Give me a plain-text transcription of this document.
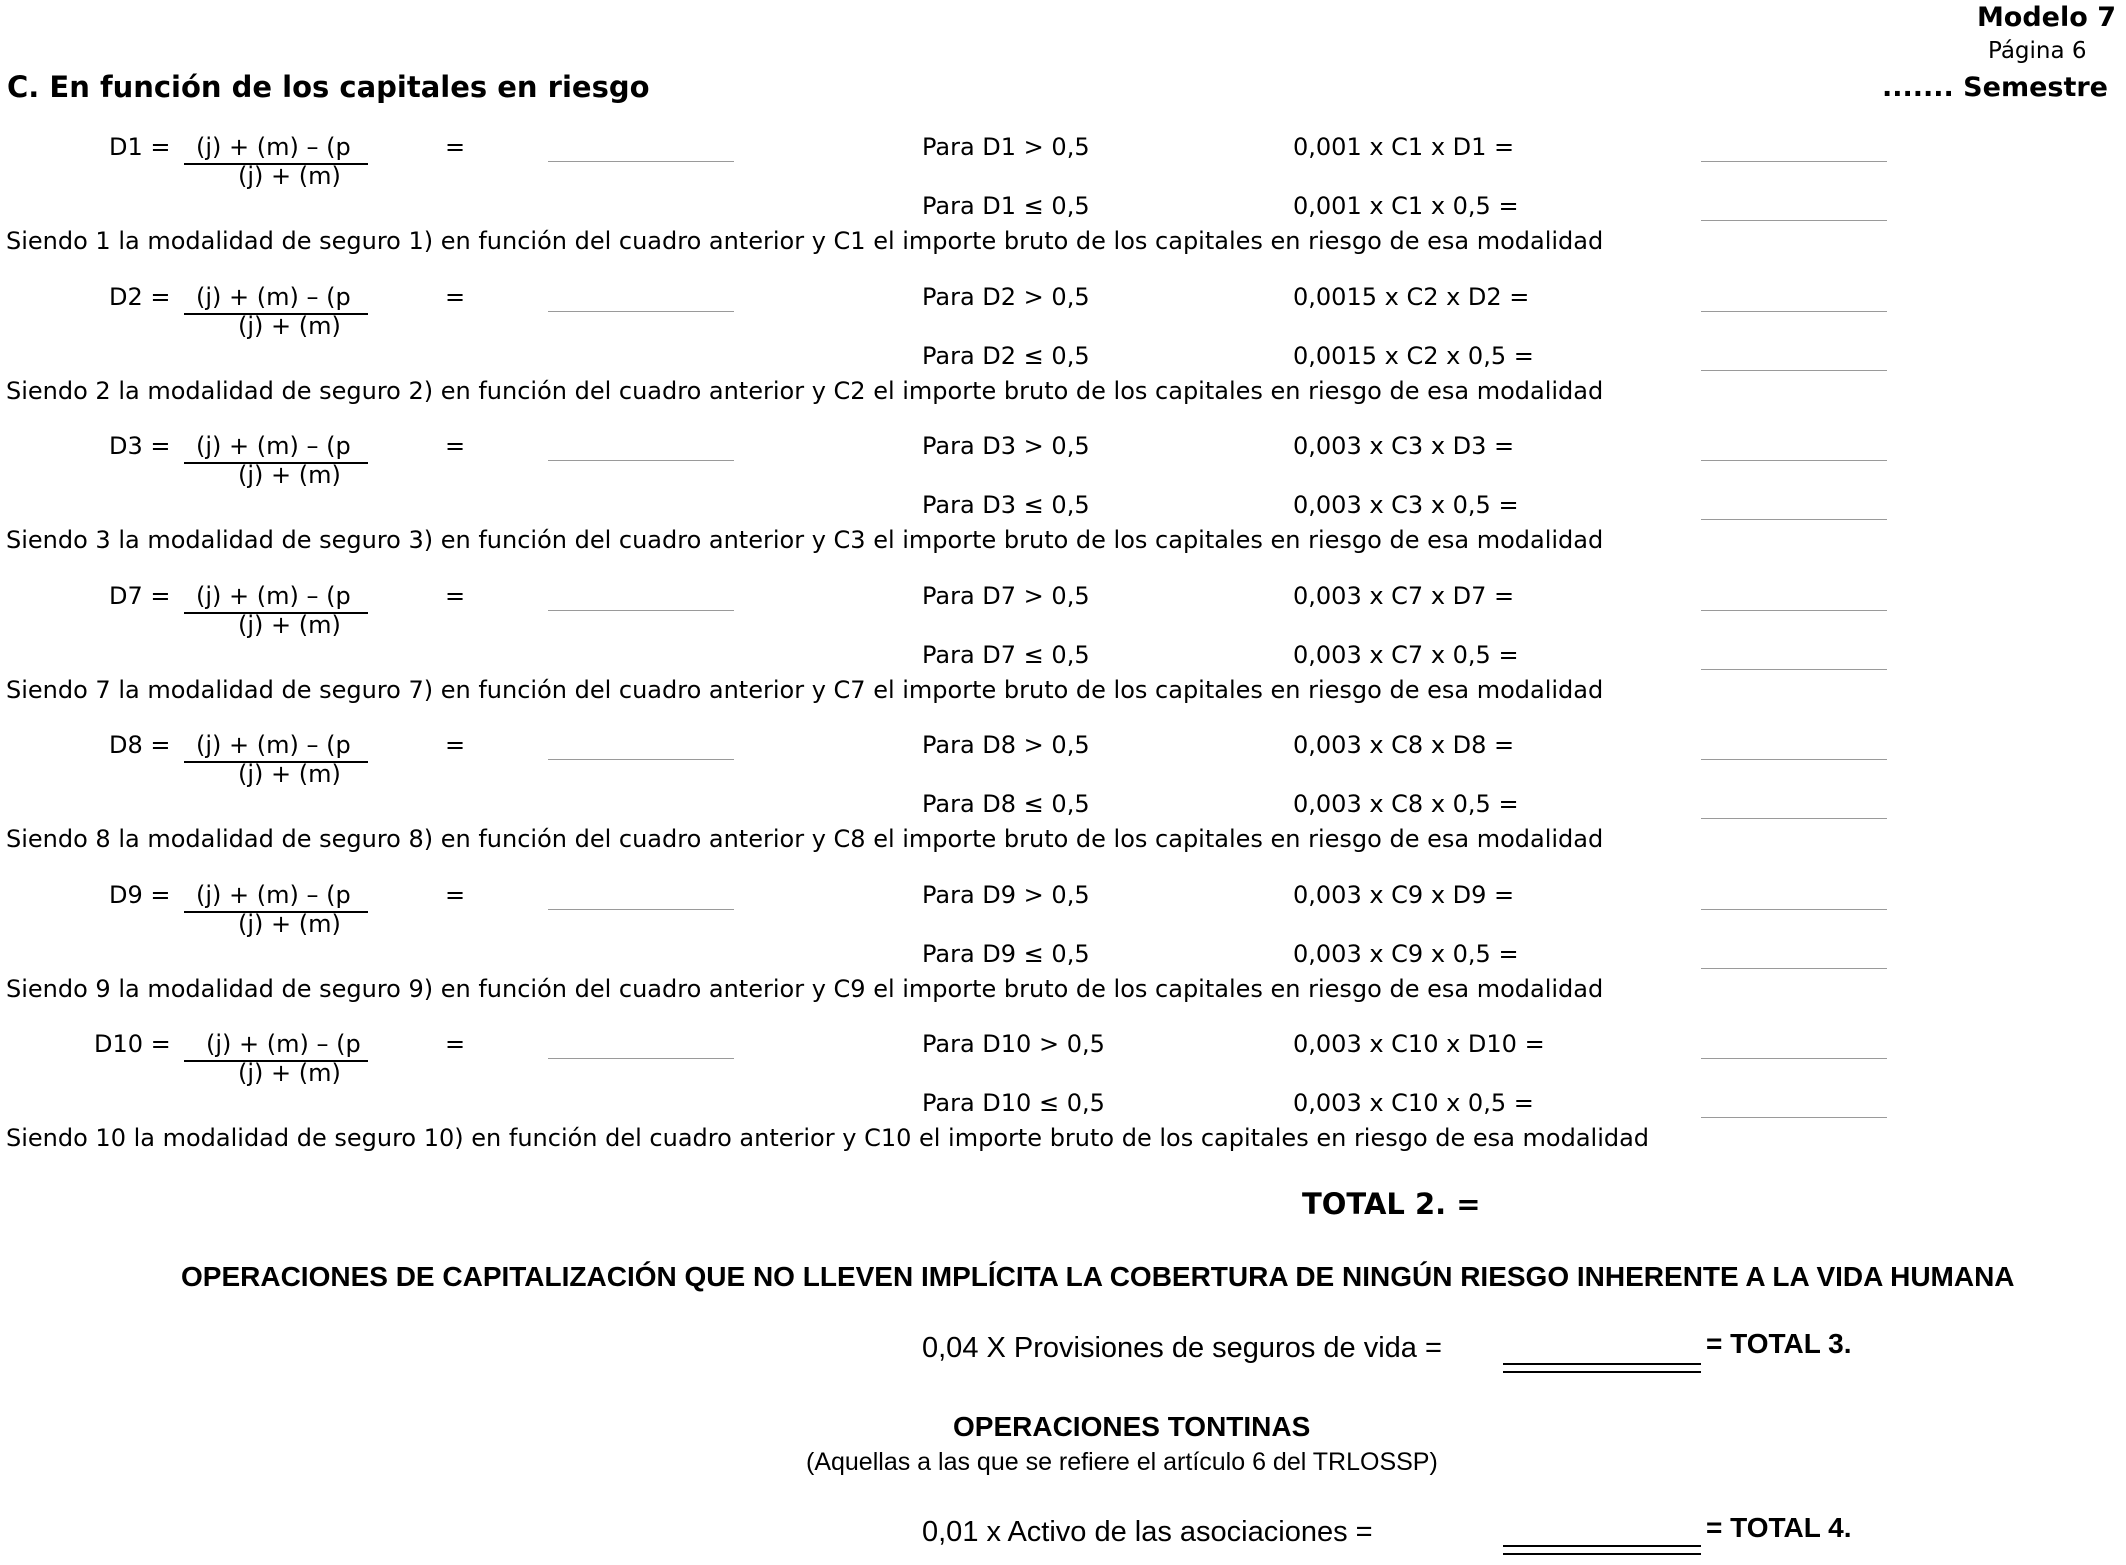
Modelo 7
Página 6
C. En función de los capitales en riesgo	....... Semestre
D1 = (j) + (m) – (p
(j) + (m)
=	Para D1 > 0,5	0,001 x C1 x D1 =
Para D1 ≤ 0,5	0,001 x C1 x 0,5 =
Siendo 1 la modalidad de seguro 1) en función del cuadro anterior y C1 el importe bruto de los capitales en riesgo de esa modalidad
D2 = (j) + (m) – (p
(j) + (m)
=	Para D2 > 0,5	0,0015 x C2 x D2 =
Para D2 ≤ 0,5	0,0015 x C2 x 0,5 =
Siendo 2 la modalidad de seguro 2) en función del cuadro anterior y C2 el importe bruto de los capitales en riesgo de esa modalidad
D3 = (j) + (m) – (p
(j) + (m)
=	Para D3 > 0,5	0,003 x C3 x D3 =
Para D3 ≤ 0,5	0,003 x C3 x 0,5 =
Siendo 3 la modalidad de seguro 3) en función del cuadro anterior y C3 el importe bruto de los capitales en riesgo de esa modalidad
D7 = (j) + (m) – (p
(j) + (m)
=	Para D7 > 0,5	0,003 x C7 x D7 =
Para D7 ≤ 0,5	0,003 x C7 x 0,5 =
Siendo 7 la modalidad de seguro 7) en función del cuadro anterior y C7 el importe bruto de los capitales en riesgo de esa modalidad
D8 = (j) + (m) – (p
(j) + (m)
=	Para D8 > 0,5	0,003 x C8 x D8 =
Para D8 ≤ 0,5	0,003 x C8 x 0,5 =
Siendo 8 la modalidad de seguro 8) en función del cuadro anterior y C8 el importe bruto de los capitales en riesgo de esa modalidad
D9 = (j) + (m) – (p
(j) + (m)
=	Para D9 > 0,5	0,003 x C9 x D9 =
Para D9 ≤ 0,5	0,003 x C9 x 0,5 =
Siendo 9 la modalidad de seguro 9) en función del cuadro anterior y C9 el importe bruto de los capitales en riesgo de esa modalidad
D10 = (j) + (m) – (p
(j) + (m)
=	Para D10 > 0,5	0,003 x C10 x D10 =
Para D10 ≤ 0,5	0,003 x C10 x 0,5 =
Siendo 10 la modalidad de seguro 10) en función del cuadro anterior y C10 el importe bruto de los capitales en riesgo de esa modalidad
TOTAL 2. =
OPERACIONES DE CAPITALIZACIÓN QUE NO LLEVEN IMPLÍCITA LA COBERTURA DE NINGÚN RIESGO INHERENTE A LA VIDA HUMANA
0,04 X Provisiones de seguros de vida =	= TOTAL 3.
OPERACIONES TONTINAS
(Aquellas a las que se refiere el artículo 6 del TRLOSSP)
0,01 x Activo de las asociaciones =	= TOTAL 4.
